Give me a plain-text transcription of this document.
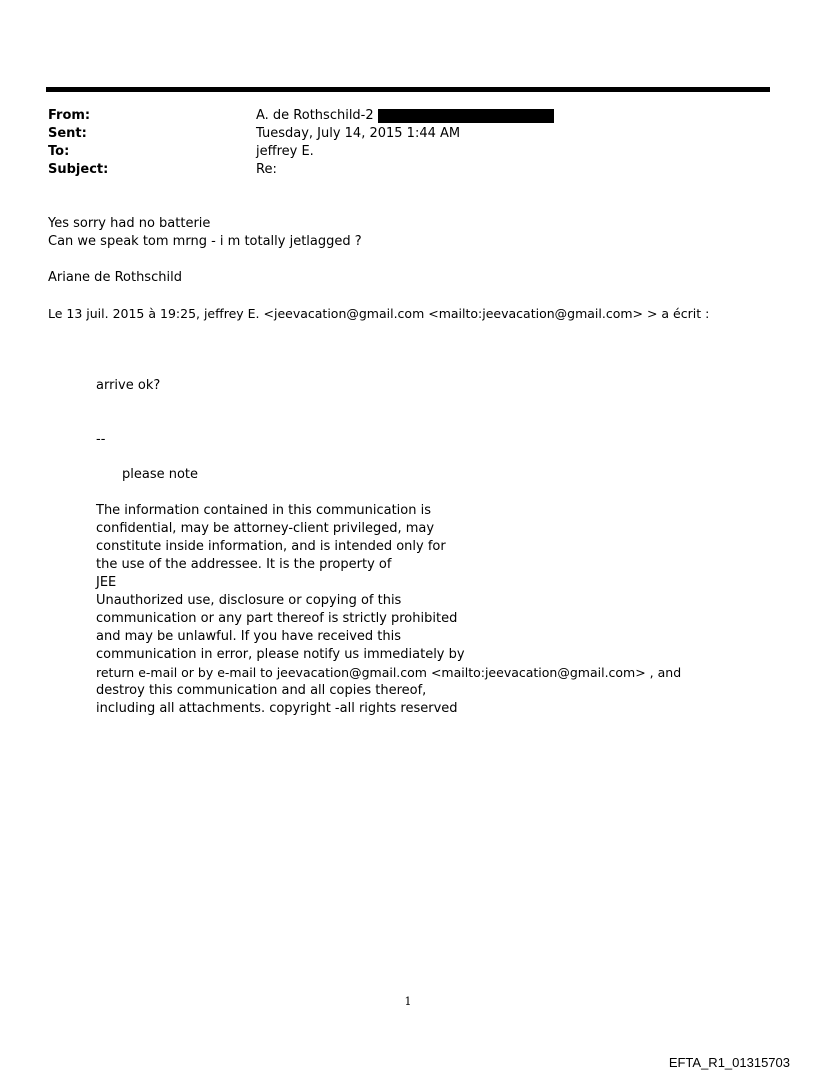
From:	A. de Rothschild-2
Sent:	Tuesday, July 14, 2015 1:44 AM
To:	jeffrey E.
Subject:	Re:
Yes sorry had no batterie
Can we speak tom mrng - i m totally jetlagged ?
Ariane de Rothschild
Le 13 juil. 2015 à 19:25, jeffrey E. <jeevacation@gmail.com <mailto:jeevacation@gmail.com> > a écrit :
arrive ok?
--
please note
The information contained in this communication is
confidential, may be attorney-client privileged, may
constitute inside information, and is intended only for
the use of the addressee. It is the property of
JEE
Unauthorized use, disclosure or copying of this
communication or any part thereof is strictly prohibited
and may be unlawful. If you have received this
communication in error, please notify us immediately by
return e-mail or by e-mail to jeevacation@gmail.com <mailto:jeevacation@gmail.com> , and
destroy this communication and all copies thereof,
including all attachments. copyright -all rights reserved
1
EFTA_R1_01315703
